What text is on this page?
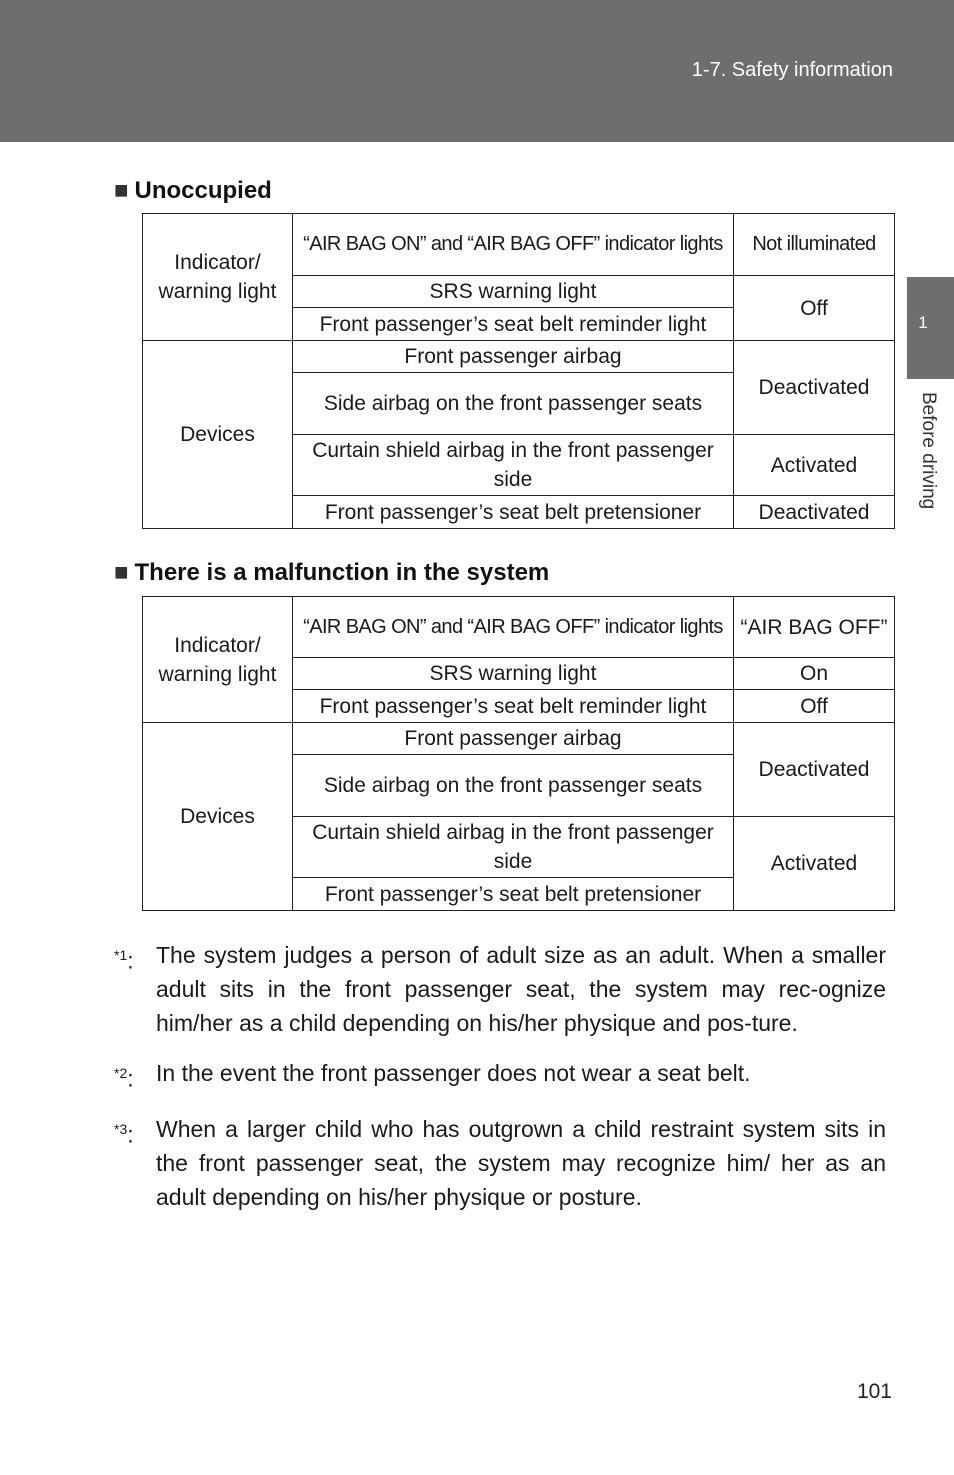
1-7. Safety information
1
Before driving
■ Unoccupied
Indicator/ warning light	“AIR BAG ON” and “AIR BAG OFF” indicator lights	Not illuminated
	SRS warning light	Off
	Front passenger’s seat belt reminder light	
Devices	Front passenger airbag	Deactivated
	Side airbag on the front passenger seats	
	Curtain shield airbag in the front passenger side	Activated
	Front passenger’s seat belt pretensioner	Deactivated
■ There is a malfunction in the system
Indicator/ warning light	“AIR BAG ON” and “AIR BAG OFF” indicator lights	“AIR BAG OFF”
	SRS warning light	On
	Front passenger’s seat belt reminder light	Off
Devices	Front passenger airbag	Deactivated
	Side airbag on the front passenger seats	
	Curtain shield airbag in the front passenger side	Activated
	Front passenger’s seat belt pretensioner	
$^{*1}$: The system judges a person of adult size as an adult. When a smaller adult sits in the front passenger seat, the system may rec-ognize him/her as a child depending on his/her physique and pos-ture.
$^{*2}$: In the event the front passenger does not wear a seat belt.
$^{*3}$: When a larger child who has outgrown a child restraint system sits in the front passenger seat, the system may recognize him/ her as an adult depending on his/her physique or posture.
101
